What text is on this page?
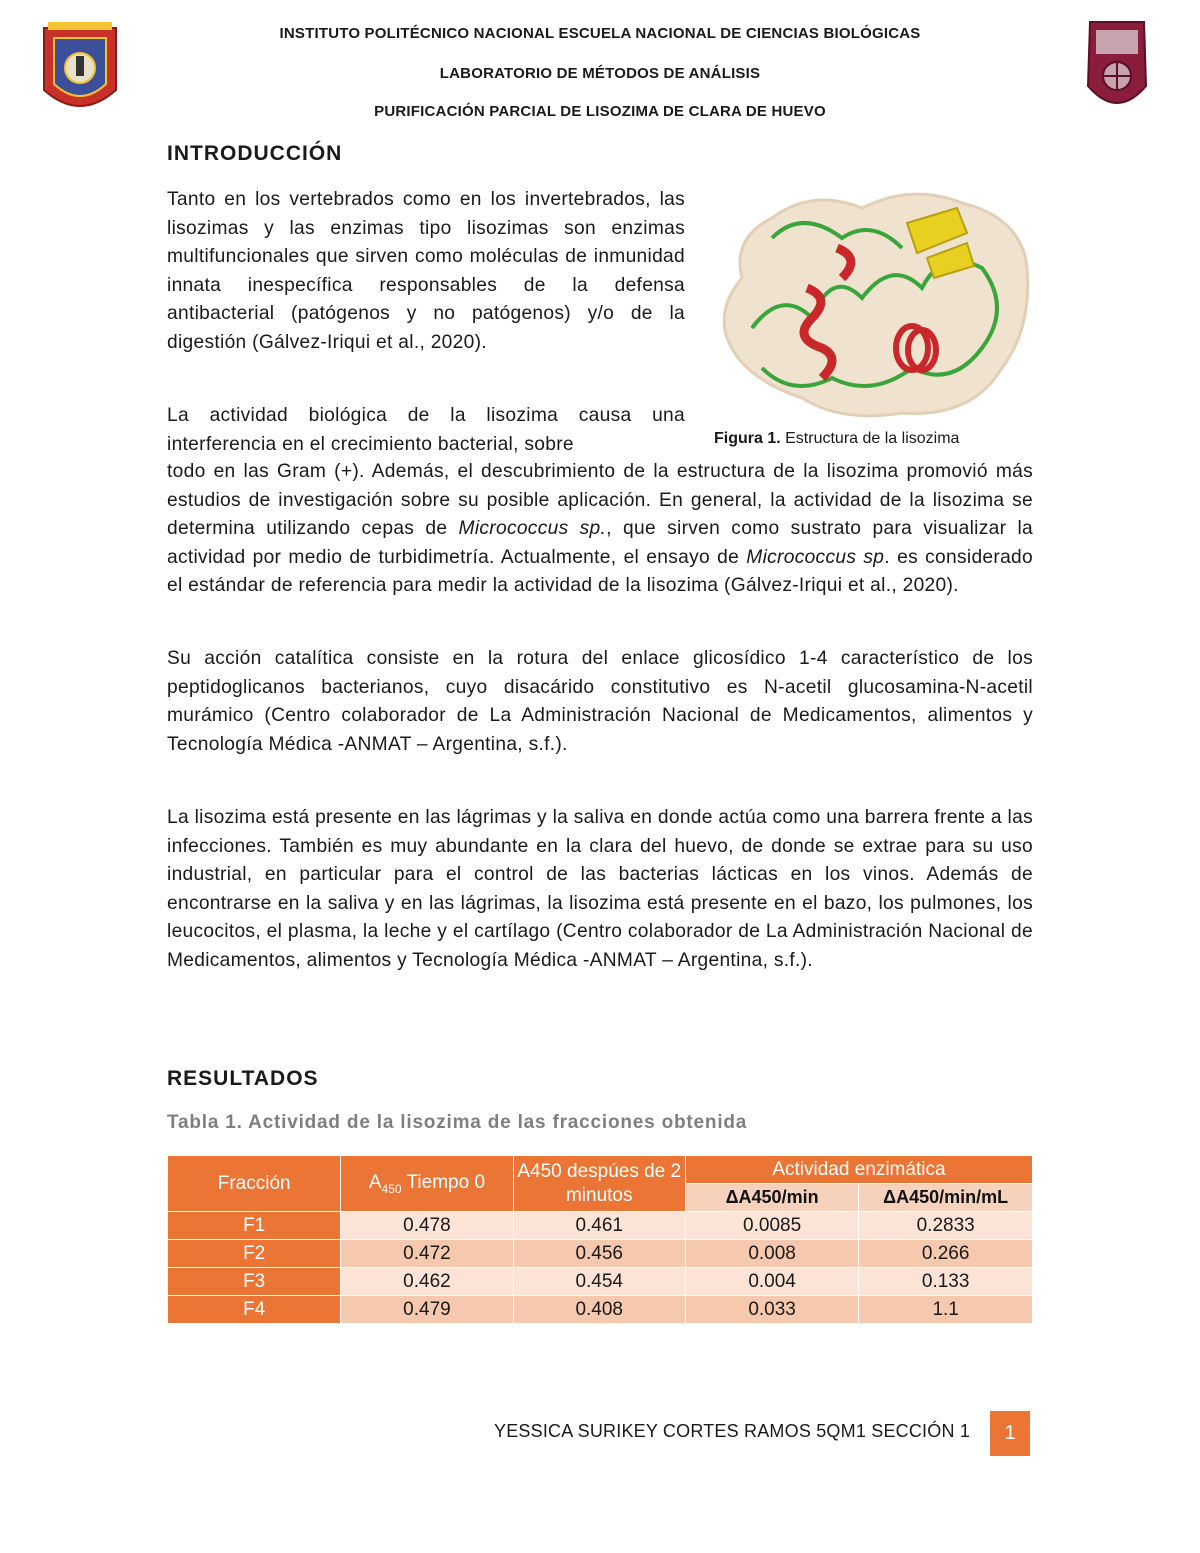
INSTITUTO POLITÉCNICO NACIONAL ESCUELA NACIONAL DE CIENCIAS BIOLÓGICAS
LABORATORIO DE MÉTODOS DE ANÁLISIS
PURIFICACIÓN PARCIAL DE LISOZIMA DE CLARA DE HUEVO
INTRODUCCIÓN
Tanto en los vertebrados como en los invertebrados, las lisozimas y las enzimas tipo lisozimas son enzimas multifuncionales que sirven como moléculas de inmunidad innata inespecífica responsables de la defensa antibacterial (patógenos y no patógenos) y/o de la digestión (Gálvez-Iriqui et al., 2020).
La actividad biológica de la lisozima causa una interferencia en el crecimiento bacterial, sobre
todo en las Gram (+). Además, el descubrimiento de la estructura de la lisozima promovió más estudios de investigación sobre su posible aplicación. En general, la actividad de la lisozima se determina utilizando cepas de Micrococcus sp., que sirven como sustrato para visualizar la actividad por medio de turbidimetría. Actualmente, el ensayo de Micrococcus sp. es considerado el estándar de referencia para medir la actividad de la lisozima (Gálvez-Iriqui et al., 2020).
Figura 1. Estructura de la lisozima
Su acción catalítica consiste en la rotura del enlace glicosídico 1-4 característico de los peptidoglicanos bacterianos, cuyo disacárido constitutivo es N-acetil glucosamina-N-acetil murámico (Centro colaborador de La Administración Nacional de Medicamentos, alimentos y Tecnología Médica -ANMAT – Argentina, s.f.).
La lisozima está presente en las lágrimas y la saliva en donde actúa como una barrera frente a las infecciones. También es muy abundante en la clara del huevo, de donde se extrae para su uso industrial, en particular para el control de las bacterias lácticas en los vinos. Además de encontrarse en la saliva y en las lágrimas, la lisozima está presente en el bazo, los pulmones, los leucocitos, el plasma, la leche y el cartílago (Centro colaborador de La Administración Nacional de Medicamentos, alimentos y Tecnología Médica -ANMAT – Argentina, s.f.).
RESULTADOS
Tabla 1. Actividad de la lisozima de las fracciones obtenida
Fracción	$A_{450}$ Tiempo 0	A450 despúes de 2 minutos	Actividad enzimática	
			ΔA450/min	ΔA450/min/mL
F1	0.478	0.461	0.0085	0.2833
F2	0.472	0.456	0.008	0.266
F3	0.462	0.454	0.004	0.133
F4	0.479	0.408	0.033	1.1
YESSICA SURIKEY CORTES RAMOS 5QM1 SECCIÓN 1	1
